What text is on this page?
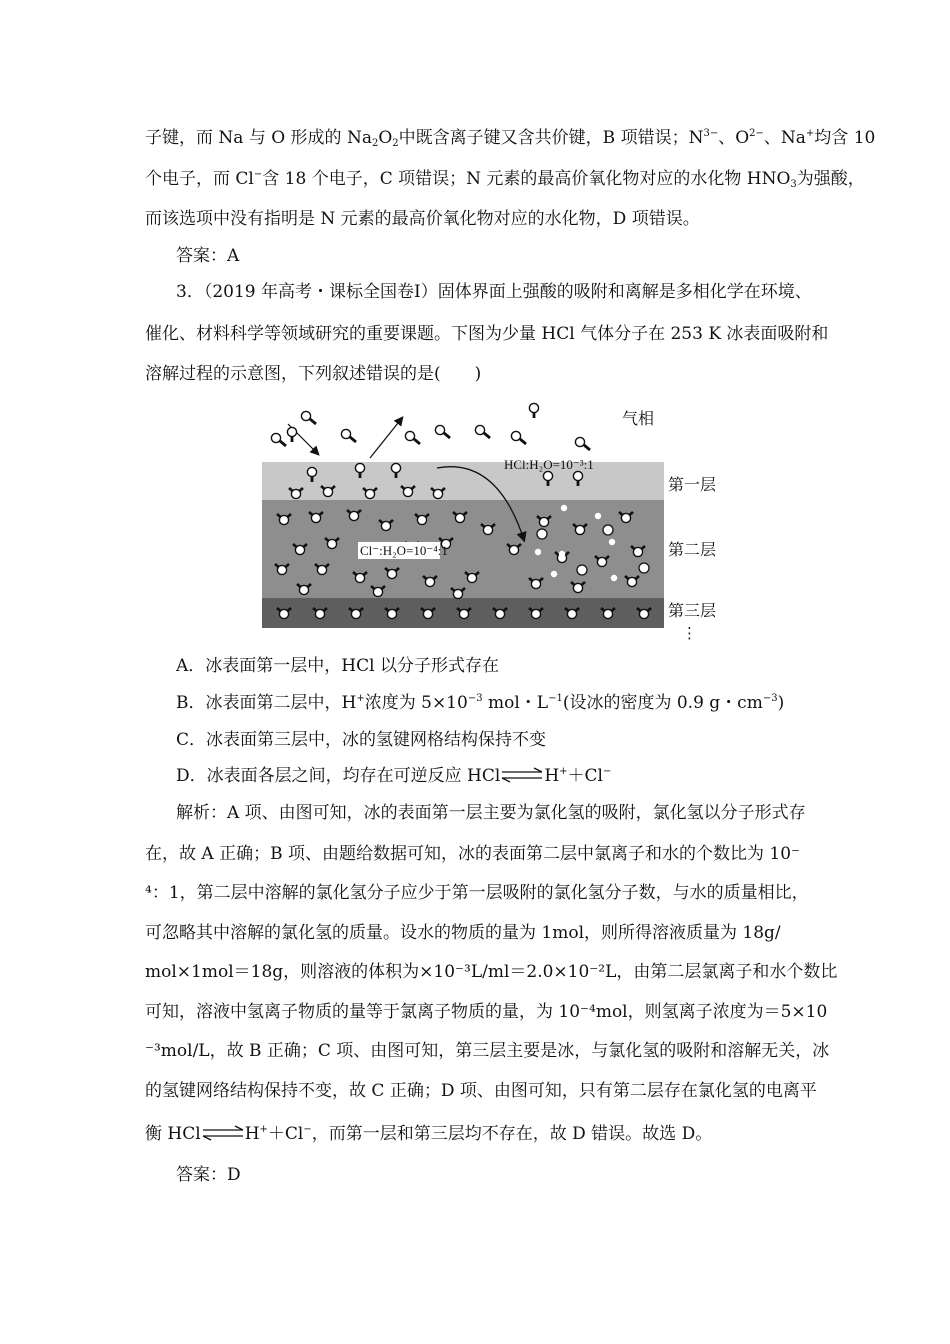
子键，而 Na 与 O 形成的 $Na_2O_2$中既含离子键又含共价键，B 项错误；$N^{3-}$、$O^{2-}$、Na+均含 10
个电子，而 Cl−含 18 个电子，C 项错误；N 元素的最高价氧化物对应的水化物 $HNO_3$为强酸，
而该选项中没有指明是 N 元素的最高价氧化物对应的水化物，D 项错误。
答案：A
3．（2019 年高考・课标全国卷Ⅰ）固体界面上强酸的吸附和离解是多相化学在环境、
催化、材料科学等领域研究的重要课题。下图为少量 HCl 气体分子在 253 K 冰表面吸附和
溶解过程的示意图，下列叙述错误的是(　　)
Cl⁻:H₂O=10⁻⁴:1
HCl:H₂O=10⁻³:1
气相
第一层
第二层
第三层
⋮
A．冰表面第一层中，HCl 以分子形式存在
B．冰表面第二层中，H+浓度为 $5\times 10^{-3}$ mol・$L^{-1}$(设冰的密度为 0.9 g・$cm^{-3}$)
C．冰表面第三层中，冰的氢键网格结构保持不变
D．冰表面各层之间，均存在可逆反应 HCl⇌H+＋Cl−
解析：A 项、由图可知，冰的表面第一层主要为氯化氢的吸附，氯化氢以分子形式存
在，故 A 正确；B 项、由题给数据可知，冰的表面第二层中氯离子和水的个数比为 10⁻
⁴：1，第二层中溶解的氯化氢分子应少于第一层吸附的氯化氢分子数，与水的质量相比，
可忽略其中溶解的氯化氢的质量。设水的物质的量为 1mol，则所得溶液质量为 18g/
mol×1mol＝18g，则溶液的体积为×10⁻³L/ml＝2.0×10⁻²L，由第二层氯离子和水个数比
可知，溶液中氢离子物质的量等于氯离子物质的量，为 10⁻⁴mol，则氢离子浓度为＝5×10
⁻³mol/L，故 B 正确；C 项、由图可知，第三层主要是冰，与氯化氢的吸附和溶解无关，冰
的氢键网络结构保持不变，故 C 正确；D 项、由图可知，只有第二层存在氯化氢的电离平
衡 HCl⇌H+＋Cl−，而第一层和第三层均不存在，故 D 错误。故选 D。
答案：D
